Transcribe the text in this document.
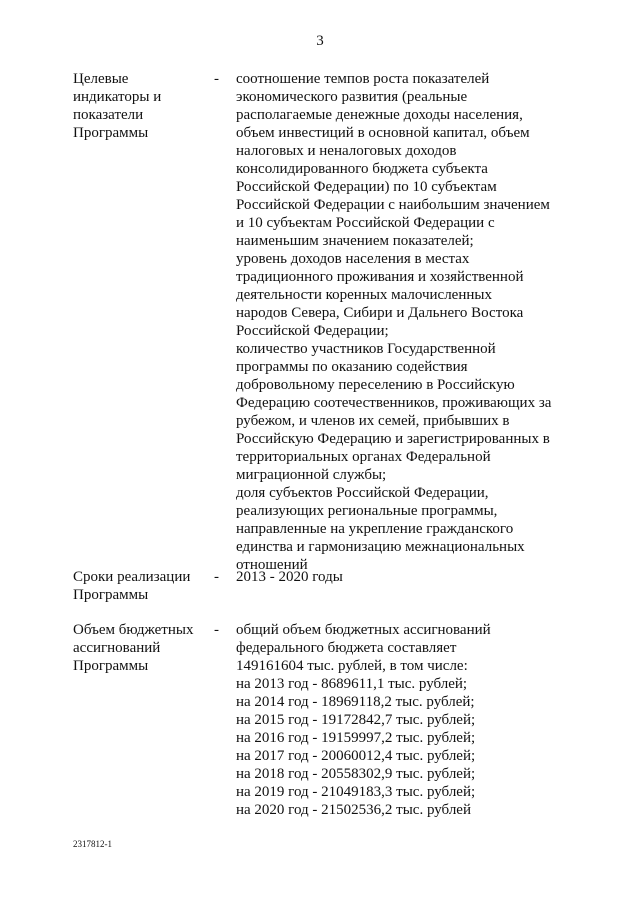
3
Целевые
индикаторы и
показатели
Программы
- соотношение темпов роста показателей
экономического развития (реальные
располагаемые денежные доходы населения,
объем инвестиций в основной капитал, объем
налоговых и неналоговых доходов
консолидированного бюджета субъекта
Российской Федерации) по 10 субъектам
Российской Федерации с наибольшим значением
и 10 субъектам Российской Федерации с
наименьшим значением показателей;
уровень доходов населения в местах
традиционного проживания и хозяйственной
деятельности коренных малочисленных
народов Севера, Сибири и Дальнего Востока
Российской Федерации;
количество участников Государственной
программы по оказанию содействия
добровольному переселению в Российскую
Федерацию соотечественников, проживающих за
рубежом, и членов их семей, прибывших в
Российскую Федерацию и зарегистрированных в
территориальных органах Федеральной
миграционной службы;
доля субъектов Российской Федерации,
реализующих региональные программы,
направленные на укрепление гражданского
единства и гармонизацию межнациональных
отношений
Сроки реализации
Программы
- 2013 - 2020 годы
Объем бюджетных
ассигнований
Программы
- общий объем бюджетных ассигнований
федерального бюджета составляет
149161604 тыс. рублей, в том числе:
на 2013 год - 8689611,1 тыс. рублей;
на 2014 год - 18969118,2 тыс. рублей;
на 2015 год - 19172842,7 тыс. рублей;
на 2016 год - 19159997,2 тыс. рублей;
на 2017 год - 20060012,4 тыс. рублей;
на 2018 год - 20558302,9 тыс. рублей;
на 2019 год - 21049183,3 тыс. рублей;
на 2020 год - 21502536,2 тыс. рублей
2317812-1
